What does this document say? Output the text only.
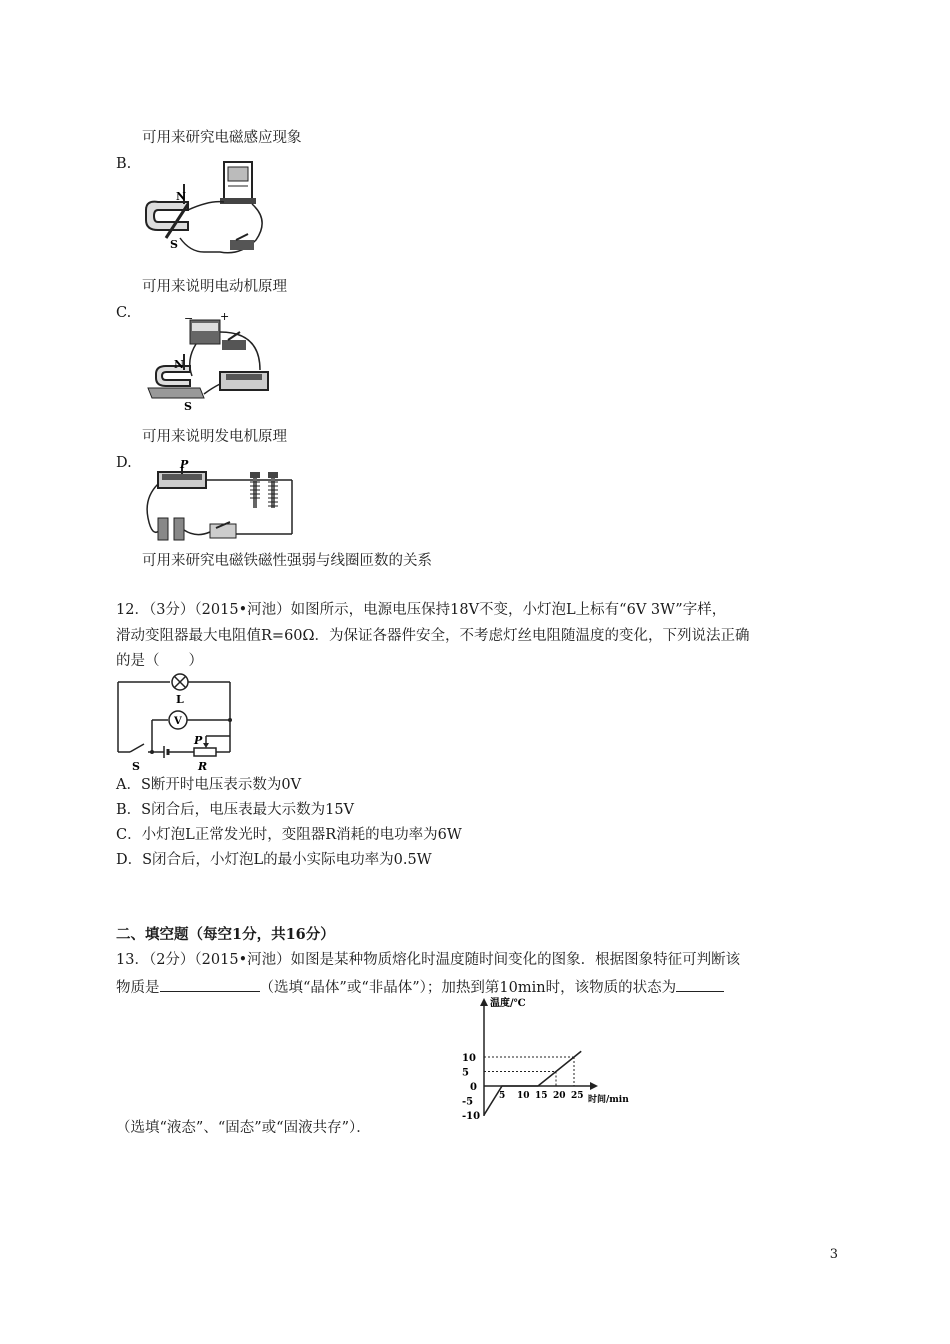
可用来研究电磁感应现象
B.
N
S
可用来说明电动机原理
C.	− +
N
S
可用来说明发电机原理
D.	P
可用来研究电磁铁磁性强弱与线圈匝数的关系
12．（3分）（2015•河池）如图所示，电源电压保持18V不变，小灯泡L上标有“6V 3W”字样，
滑动变阻器最大电阻值R=60Ω．为保证各器件安全，不考虑灯丝电阻随温度的变化，下列说法正确
的是（　　）
L
V
P
S	R
A．S断开时电压表示数为0V
B．S闭合后，电压表最大示数为15V
C．小灯泡L正常发光时，变阻器R消耗的电功率为6W
D．S闭合后，小灯泡L的最小实际电功率为0.5W
二、填空题（每空1分，共16分）
13．（2分）（2015•河池）如图是某种物质熔化时温度随时间变化的图象．根据图象特征可判断该
物质是	（选填“晶体”或“非晶体”）；加热到第10min时，该物质的状态为
温度/℃
时间/min
5 10 15 20 25
-10
-5
5
10
0
（选填“液态”、“固态”或“固液共存”）．
3
